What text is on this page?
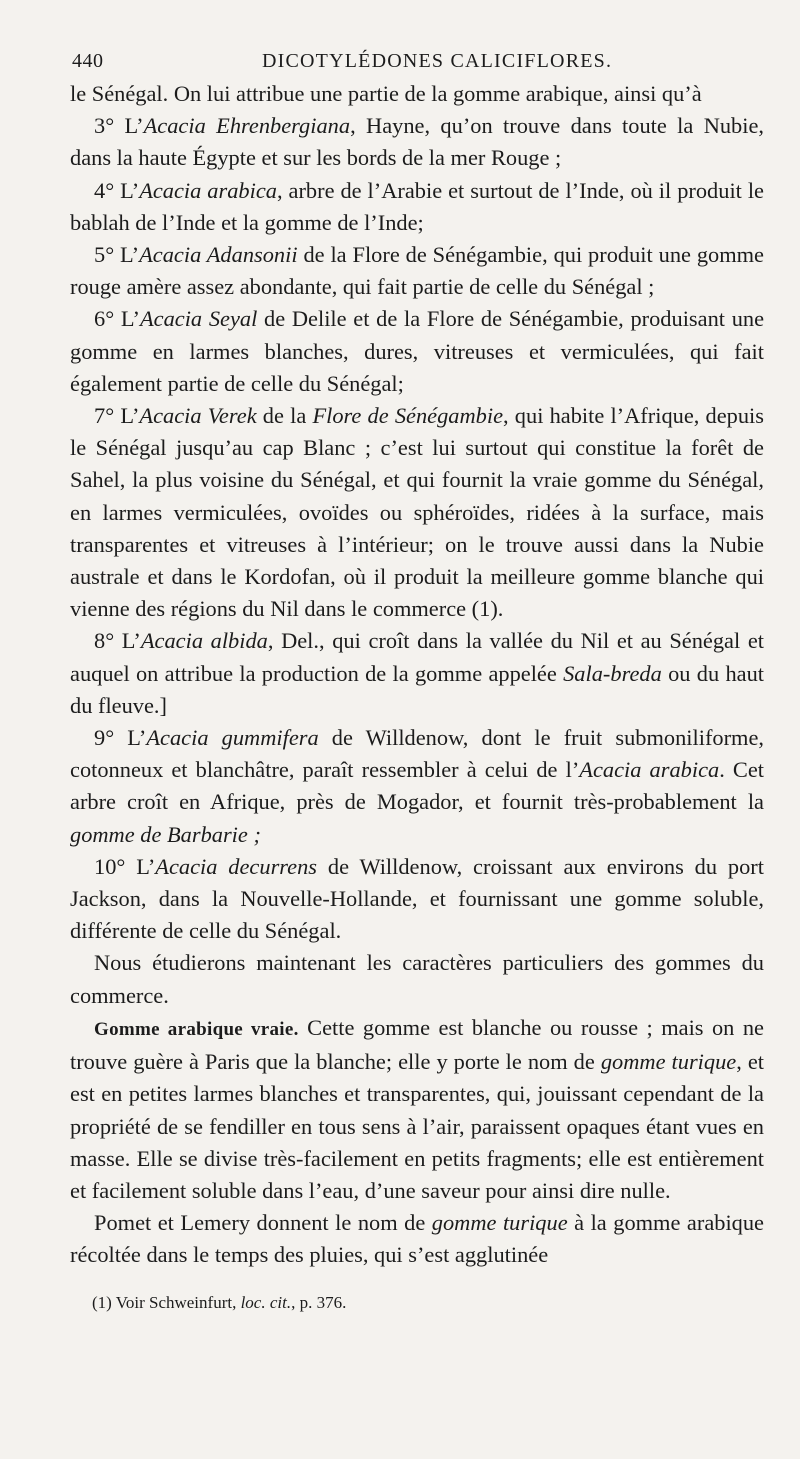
440	DICOTYLÉDONES CALICIFLORES.

le Sénégal. On lui attribue une partie de la gomme arabique, ainsi qu’à

3° L’Acacia Ehrenbergiana, Hayne, qu’on trouve dans toute la Nubie, dans la haute Égypte et sur les bords de la mer Rouge ;

4° L’Acacia arabica, arbre de l’Arabie et surtout de l’Inde, où il produit le bablah de l’Inde et la gomme de l’Inde;

5° L’Acacia Adansonii de la Flore de Sénégambie, qui produit une gomme rouge amère assez abondante, qui fait partie de celle du Sénégal ;

6° L’Acacia Seyal de Delile et de la Flore de Sénégambie, produisant une gomme en larmes blanches, dures, vitreuses et vermiculées, qui fait également partie de celle du Sénégal;

7° L’Acacia Verek de la Flore de Sénégambie, qui habite l’Afrique, depuis le Sénégal jusqu’au cap Blanc ; c’est lui surtout qui constitue la forêt de Sahel, la plus voisine du Sénégal, et qui fournit la vraie gomme du Sénégal, en larmes vermiculées, ovoïdes ou sphéroïdes, ridées à la surface, mais transparentes et vitreuses à l’intérieur; on le trouve aussi dans la Nubie australe et dans le Kordofan, où il produit la meilleure gomme blanche qui vienne des régions du Nil dans le commerce (1).

8° L’Acacia albida, Del., qui croît dans la vallée du Nil et au Sénégal et auquel on attribue la production de la gomme appelée Sala-breda ou du haut du fleuve.]

9° L’Acacia gummifera de Willdenow, dont le fruit submoniliforme, cotonneux et blanchâtre, paraît ressembler à celui de l’Acacia arabica. Cet arbre croît en Afrique, près de Mogador, et fournit très-probablement la gomme de Barbarie ;

10° L’Acacia decurrens de Willdenow, croissant aux environs du port Jackson, dans la Nouvelle-Hollande, et fournissant une gomme soluble, différente de celle du Sénégal.

Nous étudierons maintenant les caractères particuliers des gommes du commerce.

Gomme arabique vraie. Cette gomme est blanche ou rousse ; mais on ne trouve guère à Paris que la blanche; elle y porte le nom de gomme turique, et est en petites larmes blanches et transparentes, qui, jouissant cependant de la propriété de se fendiller en tous sens à l’air, paraissent opaques étant vues en masse. Elle se divise très-facilement en petits fragments; elle est entièrement et facilement soluble dans l’eau, d’une saveur pour ainsi dire nulle.

Pomet et Lemery donnent le nom de gomme turique à la gomme arabique récoltée dans le temps des pluies, qui s’est agglutinée

(1) Voir Schweinfurt, loc. cit., p. 376.
